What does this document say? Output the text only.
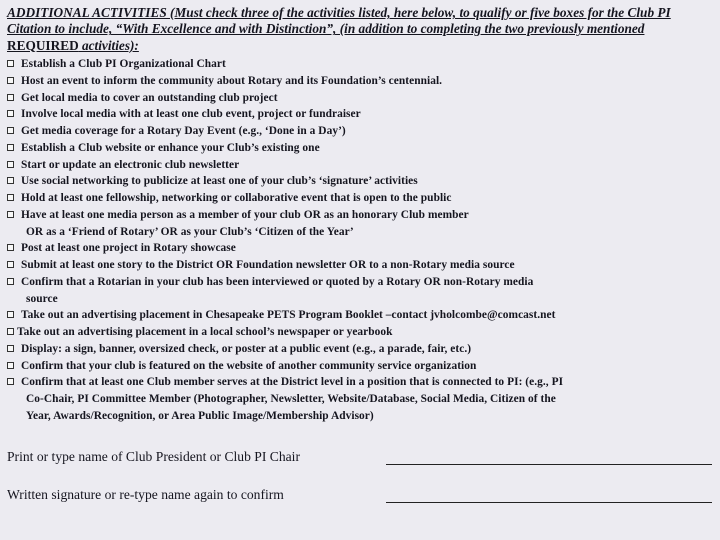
ADDITIONAL ACTIVITIES (Must check three of the activities listed, here below, to qualify or five boxes for the Club PI Citation to include, “With Excellence and with Distinction”, (in addition to completing the two previously mentioned REQUIRED activities):

Establish a Club PI Organizational Chart
Host an event to inform the community about Rotary and its Foundation’s centennial.
Get local media to cover an outstanding club project
Involve local media with at least one club event, project or fundraiser
Get media coverage for a Rotary Day Event (e.g., ‘Done in a Day’)
Establish a Club website or enhance your Club’s existing one
Start or update an electronic club newsletter
Use social networking to publicize at least one of your club’s ‘signature’ activities
Hold at least one fellowship, networking or collaborative event that is open to the public
Have at least one media person as a member of your club OR as an honorary Club member
OR as a ‘Friend of Rotary’ OR as your Club’s ‘Citizen of the Year’
Post at least one project in Rotary showcase
Submit at least one story to the District OR Foundation newsletter OR to a non-Rotary media source
Confirm that a Rotarian in your club has been interviewed or quoted by a Rotary OR non-Rotary media
source
Take out an advertising placement in Chesapeake PETS Program Booklet –contact jvholcombe@comcast.net
Take out an advertising placement in a local school’s newspaper or yearbook
Display: a sign, banner, oversized check, or poster at a public event (e.g., a parade, fair, etc.)
Confirm that your club is featured on the website of another community service organization
Confirm that at least one Club member serves at the District level in a position that is connected to PI: (e.g., PI
Co-Chair, PI Committee Member (Photographer, Newsletter, Website/Database, Social Media, Citizen of the
Year, Awards/Recognition, or Area Public Image/Membership Advisor)
Print or type name of Club President or Club PI Chair
Written signature or re-type name again to confirm
